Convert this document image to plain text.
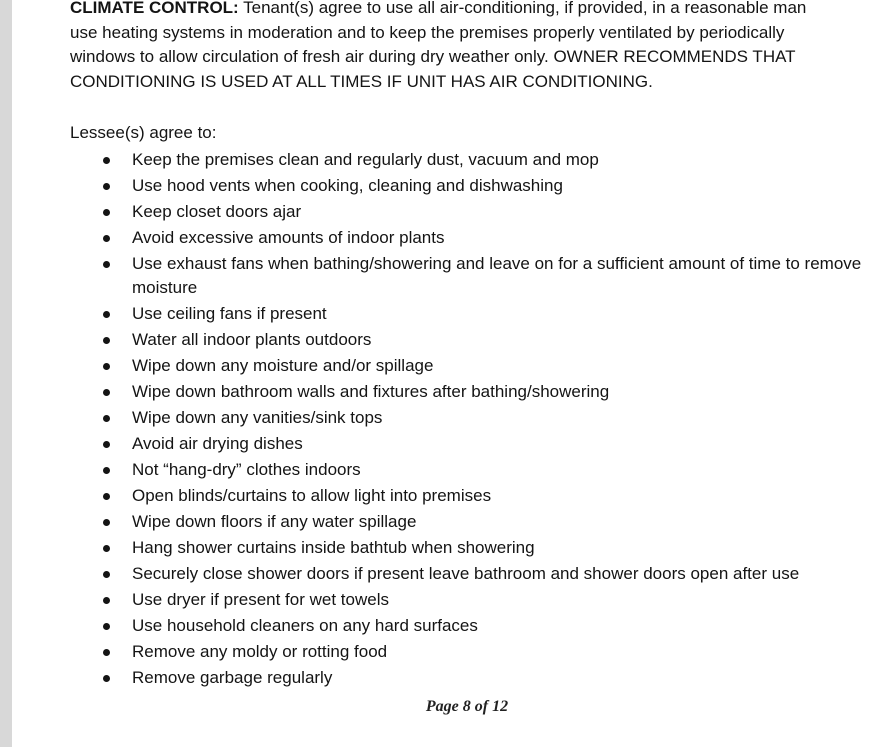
CLIMATE CONTROL: Tenant(s) agree to use all air-conditioning, if provided, in a reasonable man
use heating systems in moderation and to keep the premises properly ventilated by periodically
windows to allow circulation of fresh air during dry weather only. OWNER RECOMMENDS THAT
CONDITIONING IS USED AT ALL TIMES IF UNIT HAS AIR CONDITIONING.

Lessee(s) agree to:

Keep the premises clean and regularly dust, vacuum and mop
Use hood vents when cooking, cleaning and dishwashing
Keep closet doors ajar
Avoid excessive amounts of indoor plants
Use exhaust fans when bathing/showering and leave on for a sufficient amount of time to remove moisture
Use ceiling fans if present
Water all indoor plants outdoors
Wipe down any moisture and/or spillage
Wipe down bathroom walls and fixtures after bathing/showering
Wipe down any vanities/sink tops
Avoid air drying dishes
Not “hang-dry” clothes indoors
Open blinds/curtains to allow light into premises
Wipe down floors if any water spillage
Hang shower curtains inside bathtub when showering
Securely close shower doors if present leave bathroom and shower doors open after use
Use dryer if present for wet towels
Use household cleaners on any hard surfaces
Remove any moldy or rotting food
Remove garbage regularly

Page 8 of 12
